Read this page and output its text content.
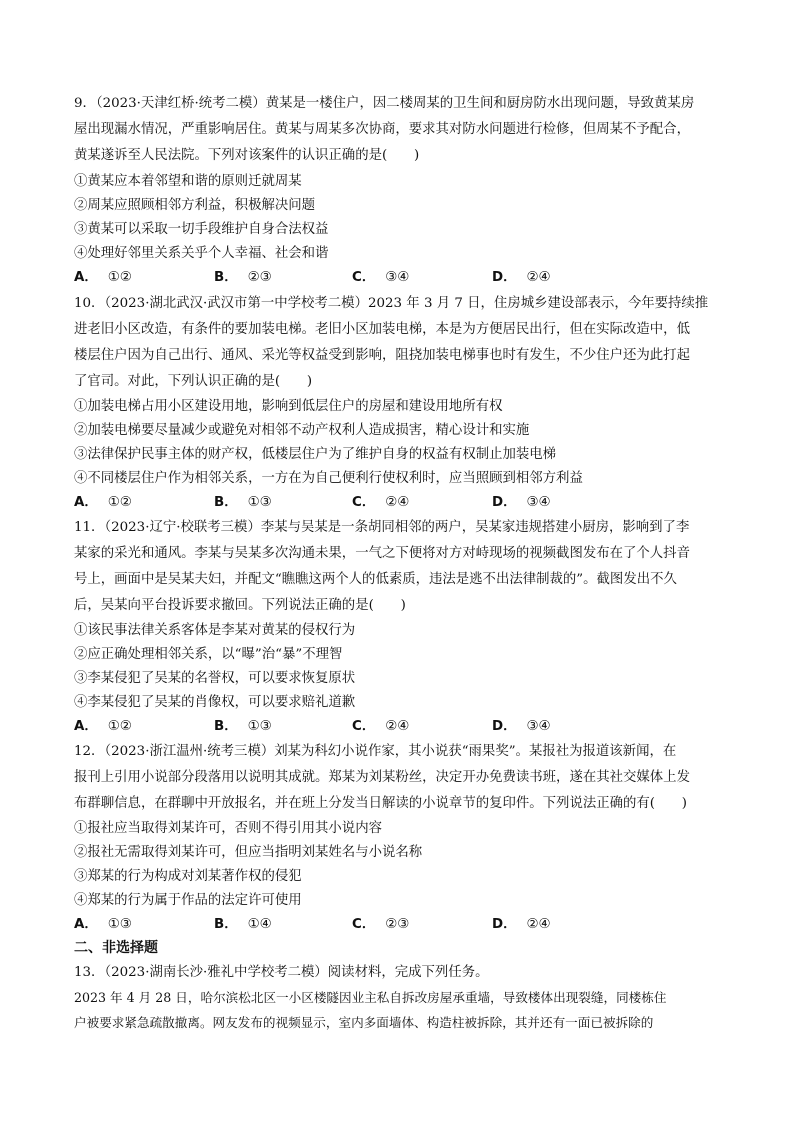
9．（2023·天津红桥·统考二模）黄某是一楼住户，因二楼周某的卫生间和厨房防水出现问题，导致黄某房
屋出现漏水情况，严重影响居住。黄某与周某多次协商，要求其对防水问题进行检修，但周某不予配合，
黄某遂诉至人民法院。下列对该案件的认识正确的是(　　)
①黄某应本着邻望和谐的原则迁就周某
②周某应照顾相邻方利益，积极解决问题
③黄某可以采取一切手段维护自身合法权益
④处理好邻里关系关乎个人幸福、社会和谐
A． ①②	B． ②③	C． ③④	D． ②④
10．（2023·湖北武汉·武汉市第一中学校考二模）2023 年 3 月 7 日，住房城乡建设部表示，今年要持续推
进老旧小区改造，有条件的要加装电梯。老旧小区加装电梯，本是为方便居民出行，但在实际改造中，低
楼层住户因为自己出行、通风、采光等权益受到影响，阻挠加装电梯事也时有发生，不少住户还为此打起
了官司。对此，下列认识正确的是(　　)
①加装电梯占用小区建设用地，影响到低层住户的房屋和建设用地所有权
②加装电梯要尽量减少或避免对相邻不动产权利人造成损害，精心设计和实施
③法律保护民事主体的财产权，低楼层住户为了维护自身的权益有权制止加装电梯
④不同楼层住户作为相邻关系，一方在为自己便利行使权利时，应当照顾到相邻方利益
A． ①②	B． ①③	C． ②④	D． ③④
11．（2023·辽宁·校联考三模）李某与吴某是一条胡同相邻的两户，吴某家违规搭建小厨房，影响到了李
某家的采光和通风。李某与吴某多次沟通未果，一气之下便将对方对峙现场的视频截图发布在了个人抖音
号上，画面中是吴某夫妇，并配文“瞧瞧这两个人的低素质，违法是逃不出法律制裁的”。截图发出不久
后，吴某向平台投诉要求撤回。下列说法正确的是(　　)
①该民事法律关系客体是李某对黄某的侵权行为
②应正确处理相邻关系，以“曝”治“暴”不理智
③李某侵犯了吴某的名誉权，可以要求恢复原状
④李某侵犯了吴某的肖像权，可以要求赔礼道歉
A． ①②	B． ①③	C． ②④	D． ③④
12．（2023·浙江温州·统考三模）刘某为科幻小说作家，其小说获“雨果奖”。某报社为报道该新闻，在
报刊上引用小说部分段落用以说明其成就。郑某为刘某粉丝，决定开办免费读书班，遂在其社交媒体上发
布群聊信息，在群聊中开放报名，并在班上分发当日解读的小说章节的复印件。下列说法正确的有(　　)
①报社应当取得刘某许可，否则不得引用其小说内容
②报社无需取得刘某许可，但应当指明刘某姓名与小说名称
③郑某的行为构成对刘某著作权的侵犯
④郑某的行为属于作品的法定许可使用
A． ①③	B． ①④	C． ②③	D． ②④
二、非选择题
13．（2023·湖南长沙·雅礼中学校考二模）阅读材料，完成下列任务。
2023 年 4 月 28 日，哈尔滨松北区一小区楼隧因业主私自拆改房屋承重墙，导致楼体出现裂缝，同楼栋住
户被要求紧急疏散撤离。网友发布的视频显示，室内多面墙体、构造柱被拆除，其并还有一面已被拆除的
